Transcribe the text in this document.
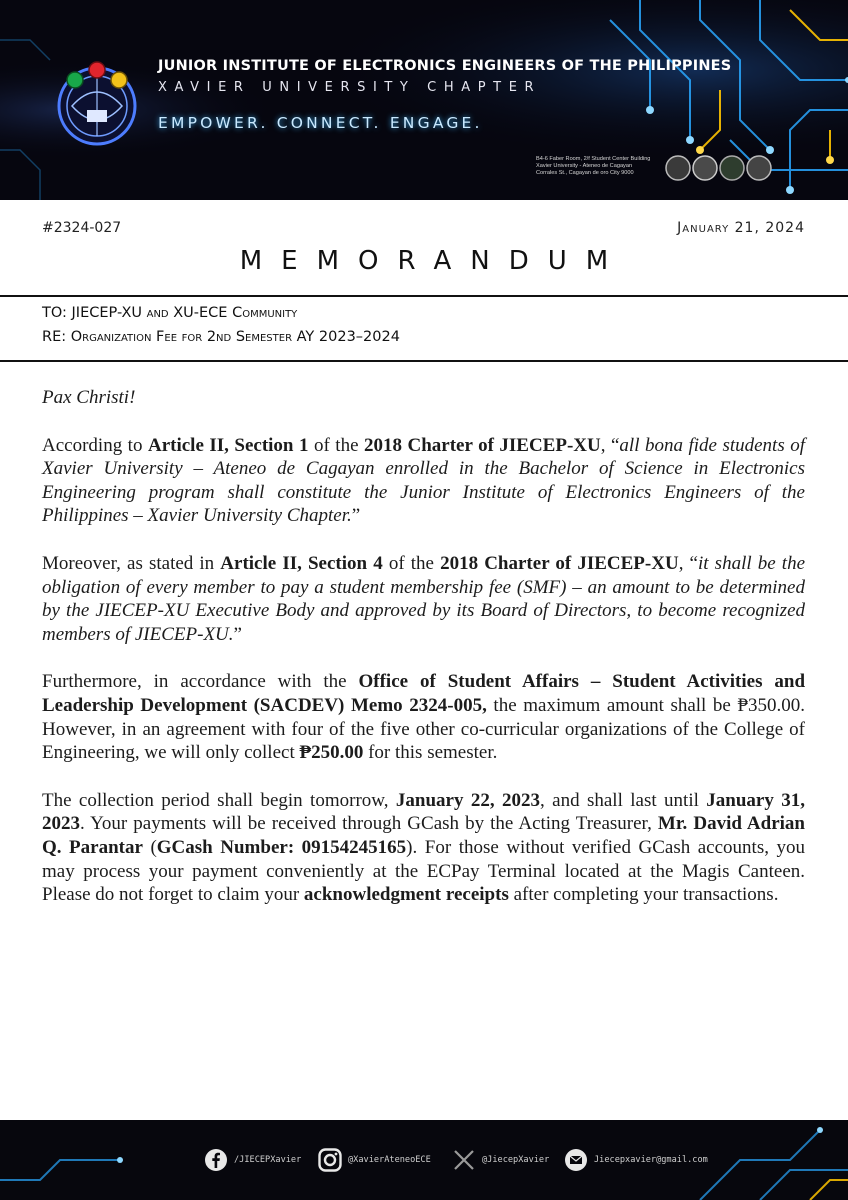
JUNIOR INSTITUTE OF ELECTRONICS ENGINEERS OF THE PHILIPPINES
XAVIER UNIVERSITY CHAPTER
EMPOWER. CONNECT. ENGAGE.
B4-6 Faber Room, 2/f Student Center Building
Xavier University - Ateneo de Cagayan
Corrales St., Cagayan de oro City 9000
#2324-027	January 21, 2024
MEMORANDUM
TO: JIECEP-XU and XU-ECE Community
RE: Organization Fee for 2nd Semester AY 2023–2024

Pax Christi!

According to Article II, Section 1 of the 2018 Charter of JIECEP-XU, “all bona fide students of Xavier University – Ateneo de Cagayan enrolled in the Bachelor of Science in Electronics Engineering program shall constitute the Junior Institute of Electronics Engineers of the Philippines – Xavier University Chapter.”

Moreover, as stated in Article II, Section 4 of the 2018 Charter of JIECEP-XU, “it shall be the obligation of every member to pay a student membership fee (SMF) – an amount to be determined by the JIECEP-XU Executive Body and approved by its Board of Directors, to become recognized members of JIECEP-XU.”

Furthermore, in accordance with the Office of Student Affairs – Student Activities and Leadership Development (SACDEV) Memo 2324-005, the maximum amount shall be ₱350.00. However, in an agreement with four of the five other co-curricular organizations of the College of Engineering, we will only collect ₱250.00 for this semester.

The collection period shall begin tomorrow, January 22, 2023, and shall last until January 31, 2023. Your payments will be received through GCash by the Acting Treasurer, Mr. David Adrian Q. Parantar (GCash Number: 09154245165). For those without verified GCash accounts, you may process your payment conveniently at the ECPay Terminal located at the Magis Canteen. Please do not forget to claim your acknowledgment receipts after completing your transactions.

/JIECEPXavier	@XavierAteneoECE	@JiecepXavier	Jiecepxavier@gmail.com
